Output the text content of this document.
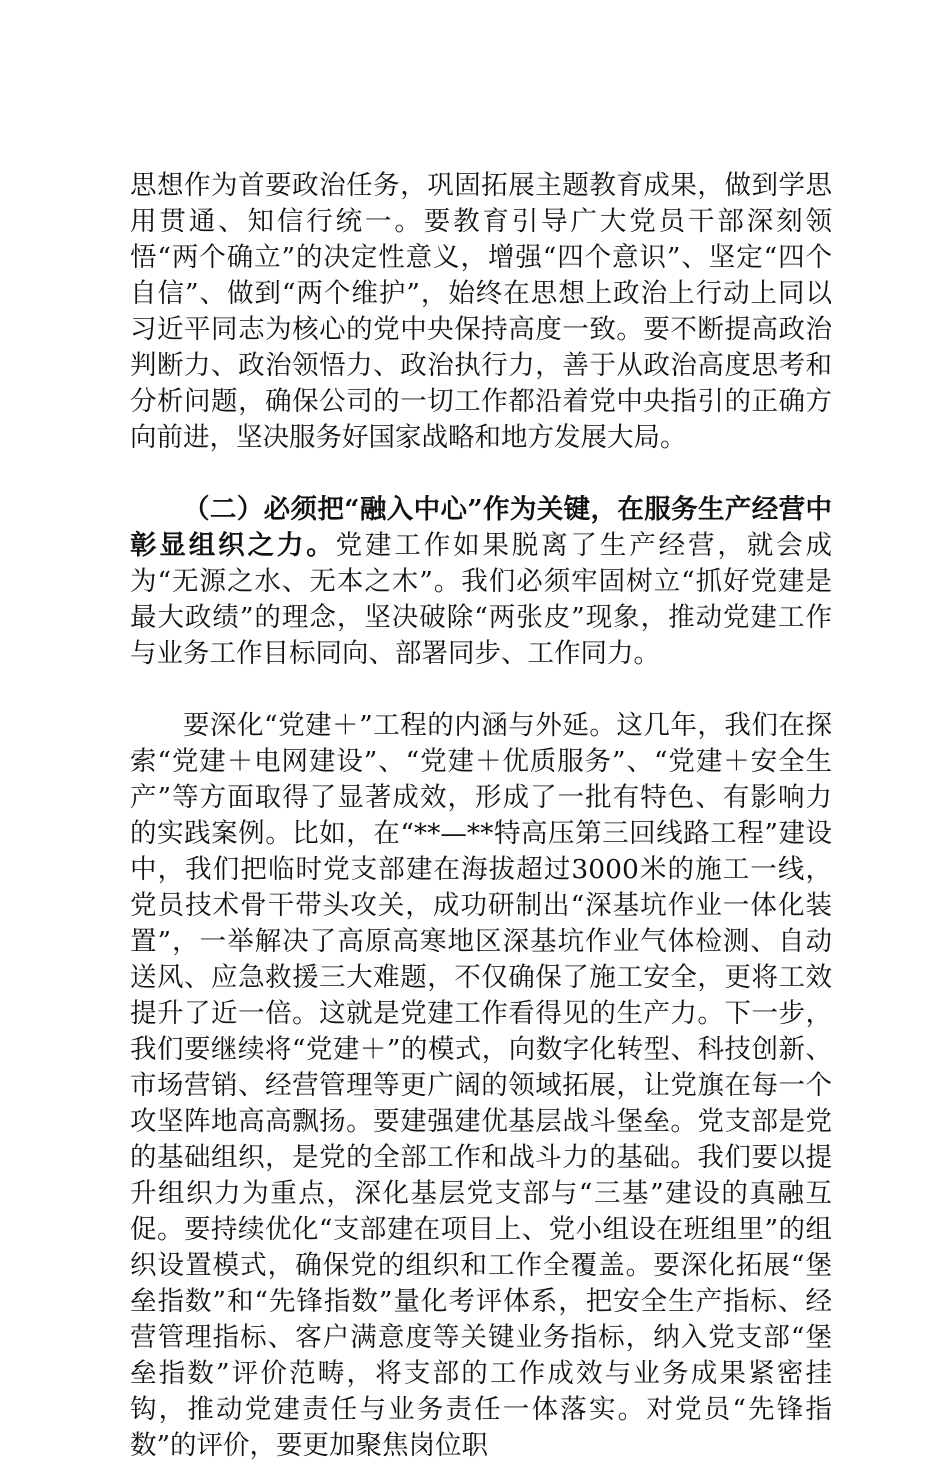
思想作为首要政治任务，巩固拓展主题教育成果，做到学思用贯通、知信行统一。要教育引导广大党员干部深刻领悟“两个确立”的决定性意义，增强“四个意识”、坚定“四个自信”、做到“两个维护”，始终在思想上政治上行动上同以习近平同志为核心的党中央保持高度一致。要不断提高政治判断力、政治领悟力、政治执行力，善于从政治高度思考和分析问题，确保公司的一切工作都沿着党中央指引的正确方向前进，坚决服务好国家战略和地方发展大局。

（二）必须把“融入中心”作为关键，在服务生产经营中彰显组织之力。党建工作如果脱离了生产经营，就会成为“无源之水、无本之木”。我们必须牢固树立“抓好党建是最大政绩”的理念，坚决破除“两张皮”现象，推动党建工作与业务工作目标同向、部署同步、工作同力。

要深化“党建＋”工程的内涵与外延。这几年，我们在探索“党建＋电网建设”、“党建＋优质服务”、“党建＋安全生产”等方面取得了显著成效，形成了一批有特色、有影响力的实践案例。比如，在“**—**特高压第三回线路工程”建设中，我们把临时党支部建在海拔超过3000米的施工一线，党员技术骨干带头攻关，成功研制出“深基坑作业一体化装置”，一举解决了高原高寒地区深基坑作业气体检测、自动送风、应急救援三大难题，不仅确保了施工安全，更将工效提升了近一倍。这就是党建工作看得见的生产力。下一步，我们要继续将“党建＋”的模式，向数字化转型、科技创新、市场营销、经营管理等更广阔的领域拓展，让党旗在每一个攻坚阵地高高飘扬。要建强建优基层战斗堡垒。党支部是党的基础组织，是党的全部工作和战斗力的基础。我们要以提升组织力为重点，深化基层党支部与“三基”建设的真融互促。要持续优化“支部建在项目上、党小组设在班组里”的组织设置模式，确保党的组织和工作全覆盖。要深化拓展“堡垒指数”和“先锋指数”量化考评体系，把安全生产指标、经营管理指标、客户满意度等关键业务指标，纳入党支部“堡垒指数”评价范畴，将支部的工作成效与业务成果紧密挂钩，推动党建责任与业务责任一体落实。对党员“先锋指数”的评价，要更加聚焦岗位职
